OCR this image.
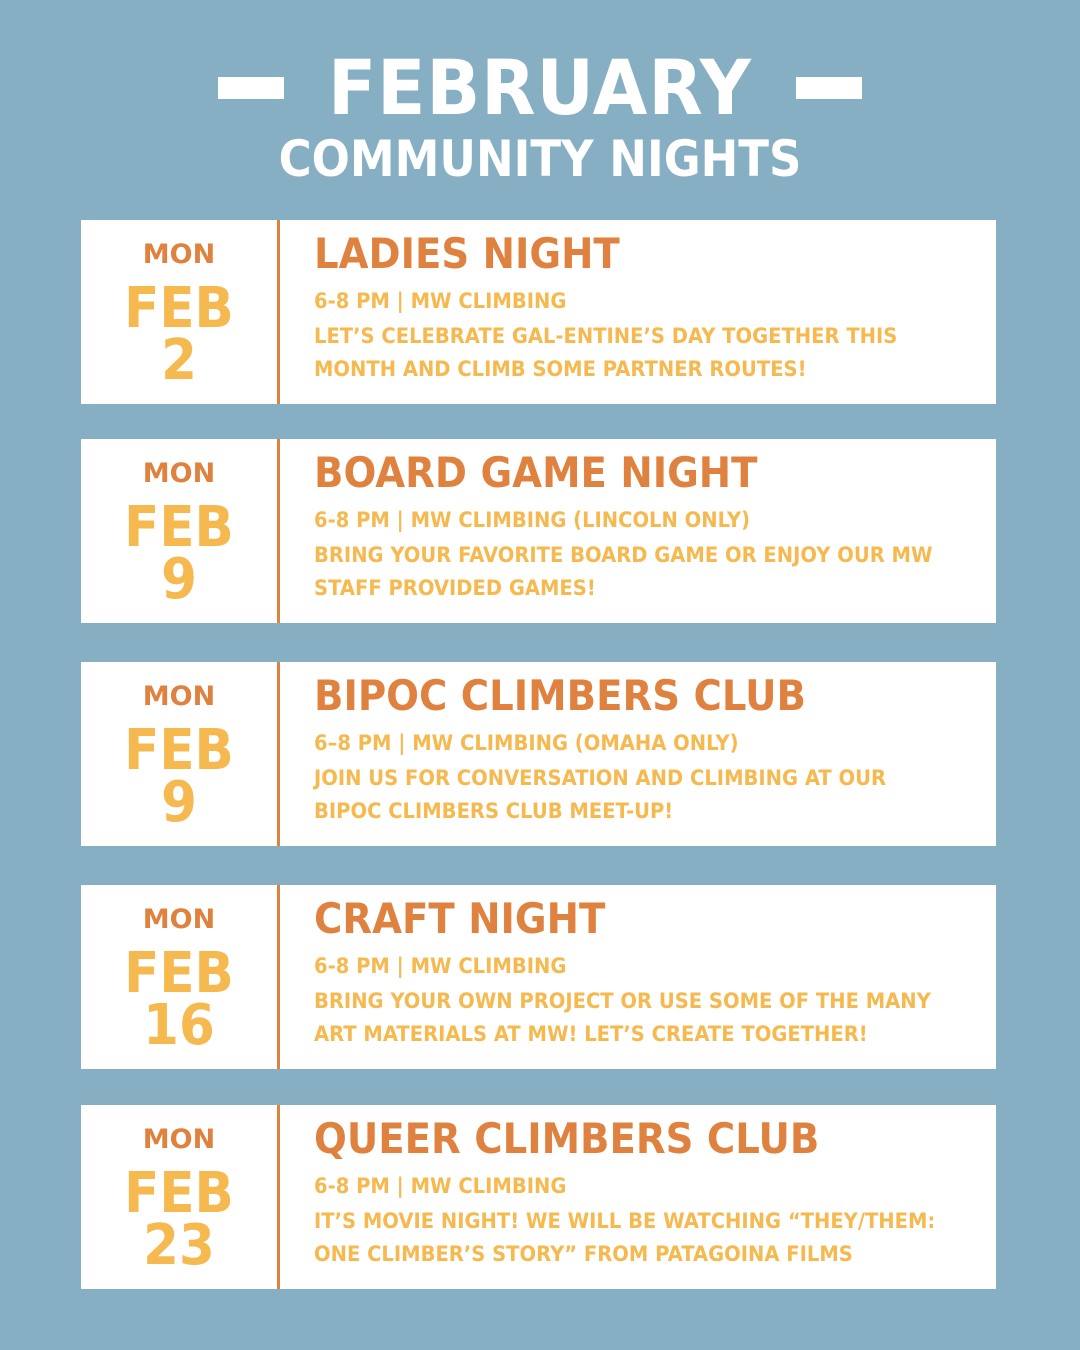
FEBRUARY
COMMUNITY NIGHTS
MON
FEB
2
LADIES NIGHT
6-8 PM | MW CLIMBING
LET’S CELEBRATE GAL-ENTINE’S DAY TOGETHER THIS MONTH AND CLIMB SOME PARTNER ROUTES!
MON
FEB
9
BOARD GAME NIGHT
6-8 PM | MW CLIMBING (LINCOLN ONLY)
BRING YOUR FAVORITE BOARD GAME OR ENJOY OUR MW STAFF PROVIDED GAMES!
MON
FEB
9
BIPOC CLIMBERS CLUB
6–8 PM | MW CLIMBING (OMAHA ONLY)
JOIN US FOR CONVERSATION AND CLIMBING AT OUR BIPOC CLIMBERS CLUB MEET-UP!
MON
FEB
16
CRAFT NIGHT
6-8 PM | MW CLIMBING
BRING YOUR OWN PROJECT OR USE SOME OF THE MANY ART MATERIALS AT MW! LET’S CREATE TOGETHER!
MON
FEB
23
QUEER CLIMBERS CLUB
6-8 PM | MW CLIMBING
IT’S MOVIE NIGHT! WE WILL BE WATCHING “THEY/THEM: ONE CLIMBER’S STORY” FROM PATAGOINA FILMS
